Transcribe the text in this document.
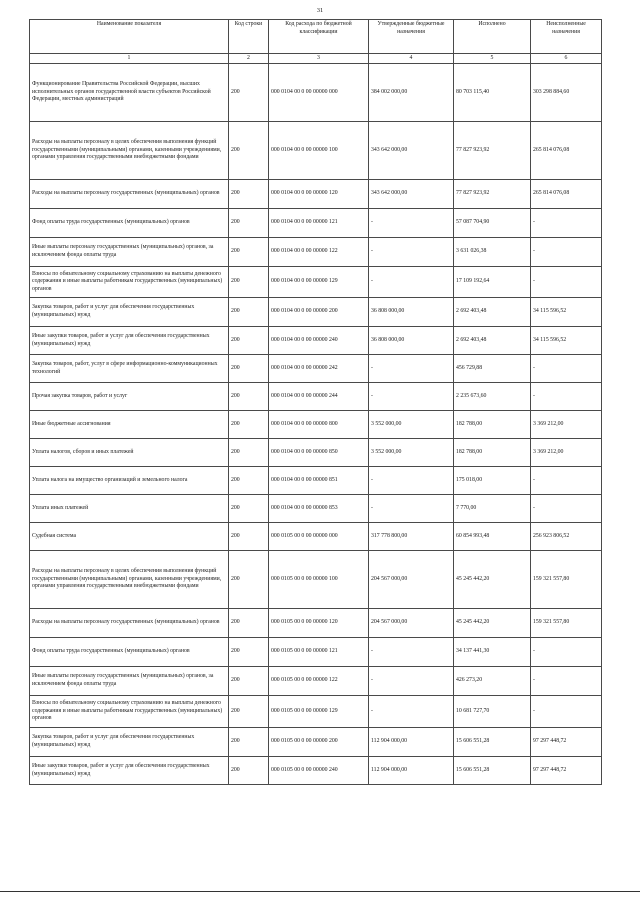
31
Наименование показателя	Код строки	Код расхода по бюджетной классификации	Утвержденные бюджетные назначения	Исполнено	Неисполненные назначения
1	2	3	4	5	6
Функционирование Правительства Российской Федерации, высших исполнительных органов государственной власти субъектов Российской Федерации, местных администраций	200	000 0104 00 0 00 00000 000	384 002 000,00	80 703 115,40	303 298 884,60
Расходы на выплаты персоналу в целях обеспечения выполнения функций государственными (муниципальными) органами, казенными учреждениями, органами управления государственными внебюджетными фондами	200	000 0104 00 0 00 00000 100	343 642 000,00	77 827 923,92	265 814 076,08
Расходы на выплаты персоналу государственных (муниципальных) органов	200	000 0104 00 0 00 00000 120	343 642 000,00	77 827 923,92	265 814 076,08
Фонд оплаты труда государственных (муниципальных) органов	200	000 0104 00 0 00 00000 121	-	57 087 704,90	-
Иные выплаты персоналу государственных (муниципальных) органов, за исключением фонда оплаты труда	200	000 0104 00 0 00 00000 122	-	3 631 026,38	-
Взносы по обязательному социальному страхованию на выплаты денежного содержания и иные выплаты работникам государственных (муниципальных) органов	200	000 0104 00 0 00 00000 129	-	17 109 192,64	-
Закупка товаров, работ и услуг для обеспечения государственных (муниципальных) нужд	200	000 0104 00 0 00 00000 200	36 808 000,00	2 692 403,48	34 115 596,52
Иные закупки товаров, работ и услуг для обеспечения государственных (муниципальных) нужд	200	000 0104 00 0 00 00000 240	36 808 000,00	2 692 403,48	34 115 596,52
Закупка товаров, работ, услуг в сфере информационно-коммуникационных технологий	200	000 0104 00 0 00 00000 242	-	456 729,88	-
Прочая закупка товаров, работ и услуг	200	000 0104 00 0 00 00000 244	-	2 235 673,60	-
Иные бюджетные ассигнования	200	000 0104 00 0 00 00000 800	3 552 000,00	182 788,00	3 369 212,00
Уплата налогов, сборов и иных платежей	200	000 0104 00 0 00 00000 850	3 552 000,00	182 788,00	3 369 212,00
Уплата налога на имущество организаций и земельного налога	200	000 0104 00 0 00 00000 851	-	175 018,00	-
Уплата иных платежей	200	000 0104 00 0 00 00000 853	-	7 770,00	-
Судебная система	200	000 0105 00 0 00 00000 000	317 778 800,00	60 854 993,48	256 923 806,52
Расходы на выплаты персоналу в целях обеспечения выполнения функций государственными (муниципальными) органами, казенными учреждениями, органами управления государственными внебюджетными фондами	200	000 0105 00 0 00 00000 100	204 567 000,00	45 245 442,20	159 321 557,80
Расходы на выплаты персоналу государственных (муниципальных) органов	200	000 0105 00 0 00 00000 120	204 567 000,00	45 245 442,20	159 321 557,80
Фонд оплаты труда государственных (муниципальных) органов	200	000 0105 00 0 00 00000 121	-	34 137 441,30	-
Иные выплаты персоналу государственных (муниципальных) органов, за исключением фонда оплаты труда	200	000 0105 00 0 00 00000 122	-	426 273,20	-
Взносы по обязательному социальному страхованию на выплаты денежного содержания и иные выплаты работникам государственных (муниципальных) органов	200	000 0105 00 0 00 00000 129	-	10 681 727,70	-
Закупка товаров, работ и услуг для обеспечения государственных (муниципальных) нужд	200	000 0105 00 0 00 00000 200	112 904 000,00	15 606 551,28	97 297 448,72
Иные закупки товаров, работ и услуг для обеспечения государственных (муниципальных) нужд	200	000 0105 00 0 00 00000 240	112 904 000,00	15 606 551,28	97 297 448,72
